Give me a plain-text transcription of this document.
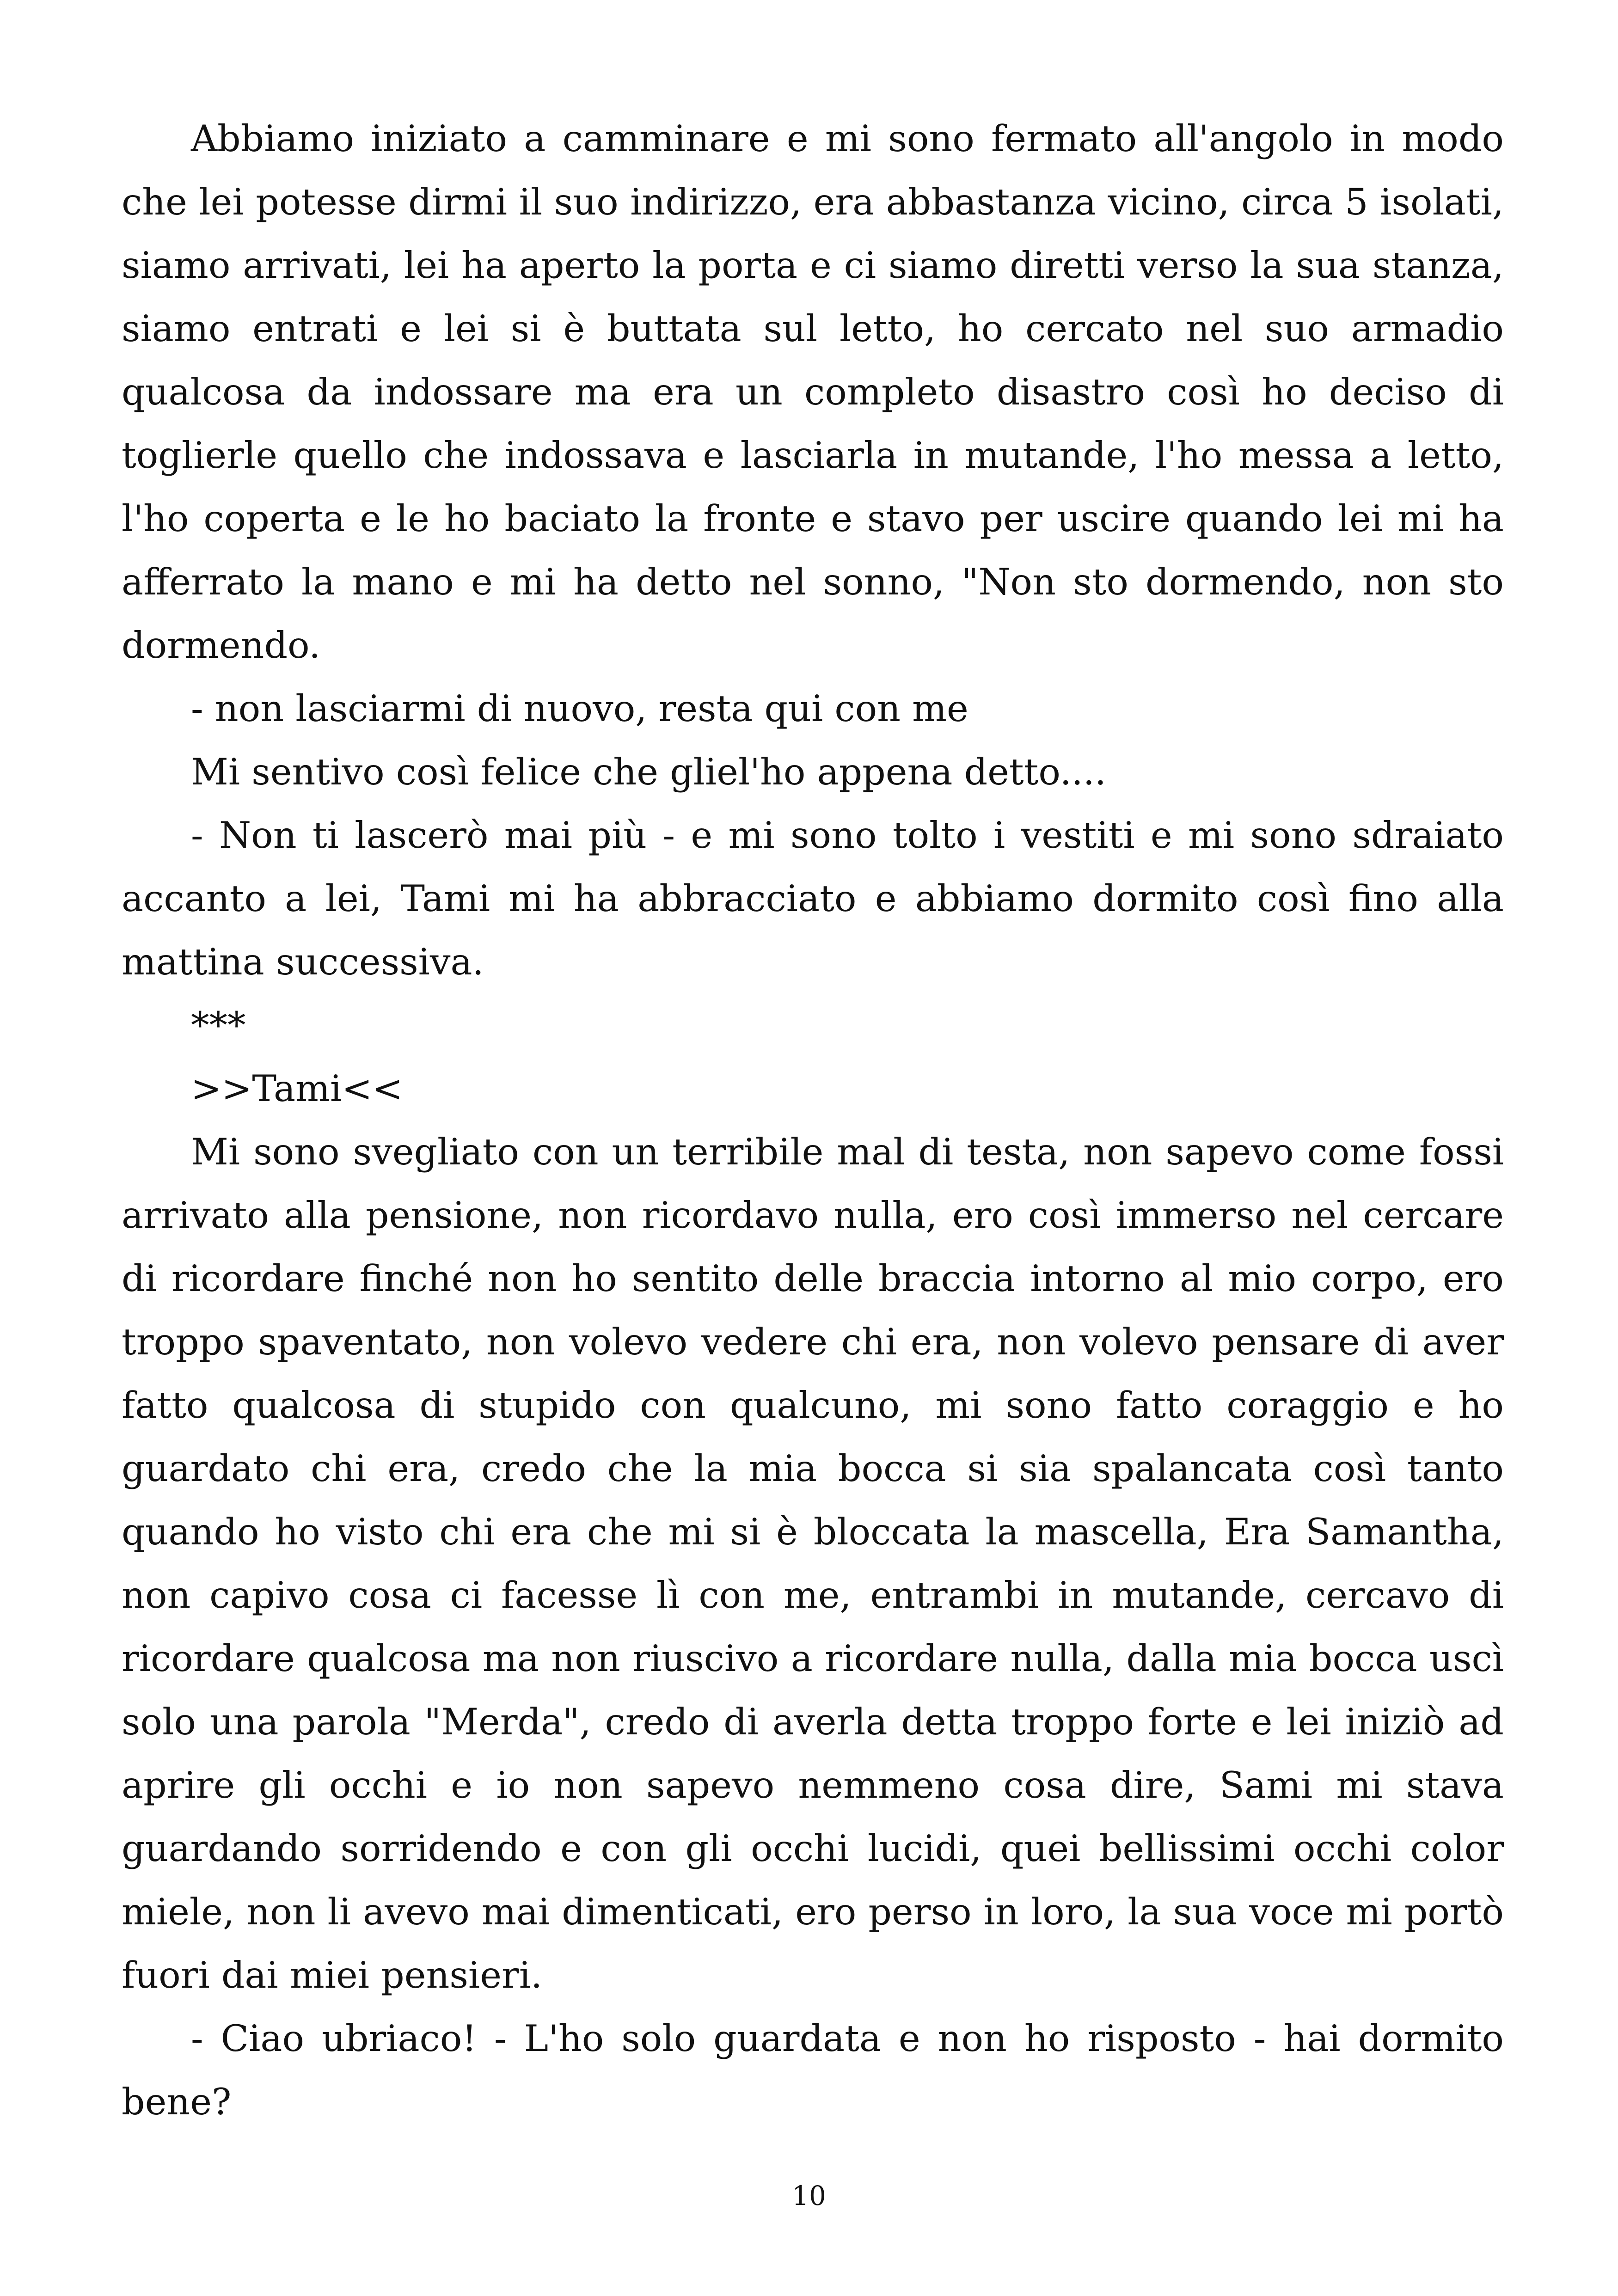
Abbiamo iniziato a camminare e mi sono fermato all'angolo in modo che lei potesse dirmi il suo indirizzo, era abbastanza vicino, circa 5 isolati, siamo arrivati, lei ha aperto la porta e ci siamo diretti verso la sua stanza, siamo entrati e lei si è buttata sul letto, ho cercato nel suo armadio qualcosa da indossare ma era un completo disastro così ho deciso di toglierle quello che indossava e lasciarla in mutande, l'ho messa a letto, l'ho coperta e le ho baciato la fronte e stavo per uscire quando lei mi ha afferrato la mano e mi ha detto nel sonno, "Non sto dormendo, non sto dormendo.

- non lasciarmi di nuovo, resta qui con me

Mi sentivo così felice che gliel'ho appena detto....

- Non ti lascerò mai più - e mi sono tolto i vestiti e mi sono sdraiato accanto a lei, Tami mi ha abbracciato e abbiamo dormito così fino alla mattina successiva.

***

>>Tami<<

Mi sono svegliato con un terribile mal di testa, non sapevo come fossi arrivato alla pensione, non ricordavo nulla, ero così immerso nel cercare di ricordare finché non ho sentito delle braccia intorno al mio corpo, ero troppo spaventato, non volevo vedere chi era, non volevo pensare di aver fatto qualcosa di stupido con qualcuno, mi sono fatto coraggio e ho guardato chi era, credo che la mia bocca si sia spalancata così tanto quando ho visto chi era che mi si è bloccata la mascella, Era Samantha, non capivo cosa ci facesse lì con me, entrambi in mutande, cercavo di ricordare qualcosa ma non riuscivo a ricordare nulla, dalla mia bocca uscì solo una parola "Merda", credo di averla detta troppo forte e lei iniziò ad aprire gli occhi e io non sapevo nemmeno cosa dire, Sami mi stava guardando sorridendo e con gli occhi lucidi, quei bellissimi occhi color miele, non li avevo mai dimenticati, ero perso in loro, la sua voce mi portò fuori dai miei pensieri.

- Ciao ubriaco! - L'ho solo guardata e non ho risposto - hai dormito bene?

10
